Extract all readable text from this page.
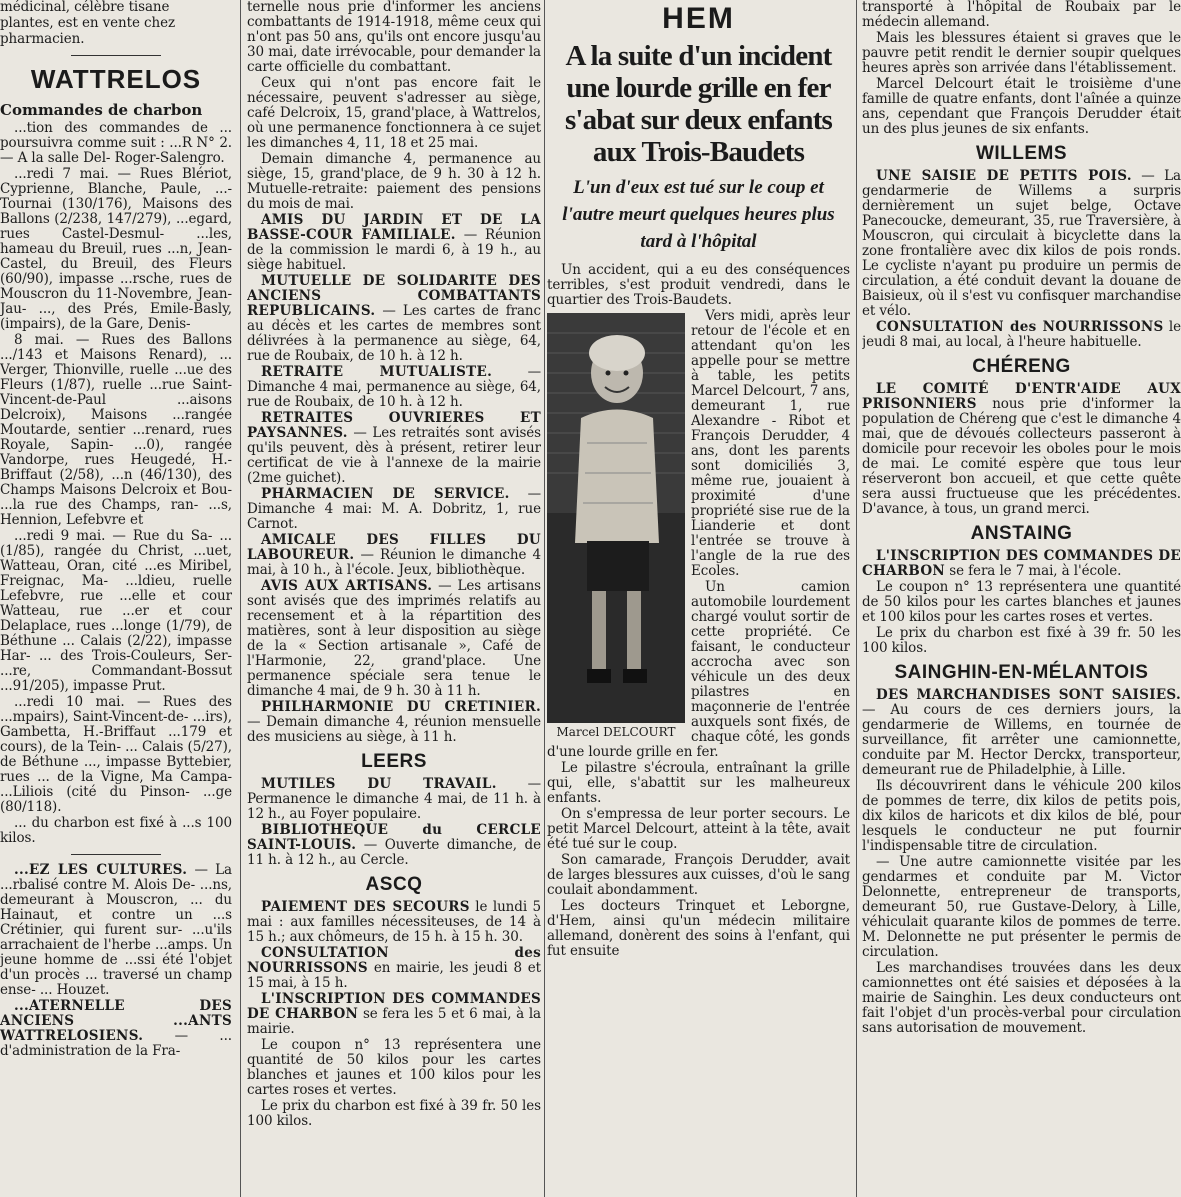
médicinal, célèbre tisane

plantes, est en vente chez

pharmacien.

WATTRELOS

Commandes de charbon

...tion des commandes de ... poursuivra comme suit : ...R N° 2. — A la salle Del- Roger-Salengro.

...redi 7 mai. — Rues Blériot, Cyprienne, Blanche, Paule, ...-Tournai (130/176), Maisons des Ballons (2/238, 147/279), ...egard, rues Castel-Desmul- ...les, hameau du Breuil, rues ...n, Jean-Castel, du Breuil, des Fleurs (60/90), impasse ...rsche, rues de Mouscron du 11-Novembre, Jean-Jau- ..., des Prés, Emile-Basly, (impairs), de la Gare, Denis-

8 mai. — Rues des Ballons .../143 et Maisons Renard), ... Verger, Thionville, ruelle ...ue des Fleurs (1/87), ruelle ...rue Saint-Vincent-de-Paul ...aisons Delcroix), Maisons ...rangée Moutarde, sentier ...renard, rues Royale, Sapin- ...0), rangée Vandorpe, rues Heugedé, H.-Briffaut (2/58), ...n (46/130), des Champs Maisons Delcroix et Bou- ...la rue des Champs, ran- ...s, Hennion, Lefebvre et

...redi 9 mai. — Rue du Sa- ...(1/85), rangée du Christ, ...uet, Watteau, Oran, cité ...es Miribel, Freignac, Ma- ...ldieu, ruelle Lefebvre, rue ...elle et cour Watteau, rue ...er et cour Delaplace, rues ...longe (1/79), de Béthune ... Calais (2/22), impasse Har- ... des Trois-Couleurs, Ser- ...re, Commandant-Bossut ...91/205), impasse Prut.

...redi 10 mai. — Rues des ...mpairs), Saint-Vincent-de- ...irs), Gambetta, H.-Briffaut ...179 et cours), de la Tein- ... Calais (5/27), de Béthune ..., impasse Byttebier, rues ... de la Vigne, Ma Campa- ...Liliois (cité du Pinson- ...ge (80/118).

... du charbon est fixé à ...s 100 kilos.

...EZ LES CULTURES. — La ...rbalisé contre M. Alois De- ...ns, demeurant à Mouscron, ... du Hainaut, et contre un ...s Crétinier, qui furent sur- ...u'ils arrachaient de l'herbe ...amps. Un jeune homme de ...ssi été l'objet d'un procès ... traversé un champ ense- ... Houzet.

...ATERNELLE DES ANCIENS ...ANTS WATTRELOSIENS. — ... d'administration de la Fra-

ternelle nous prie d'informer les anciens combattants de 1914-1918, même ceux qui n'ont pas 50 ans, qu'ils ont encore jusqu'au 30 mai, date irrévocable, pour demander la carte officielle du combattant.

Ceux qui n'ont pas encore fait le nécessaire, peuvent s'adresser au siège, café Delcroix, 15, grand'place, à Wattrelos, où une permanence fonctionnera à ce sujet les dimanches 4, 11, 18 et 25 mai.

Demain dimanche 4, permanence au siège, 15, grand'place, de 9 h. 30 à 12 h. Mutuelle-retraite: paiement des pensions du mois de mai.

AMIS DU JARDIN ET DE LA BASSE-COUR FAMILIALE. — Réunion de la commission le mardi 6, à 19 h., au siège habituel.

MUTUELLE DE SOLIDARITE DES ANCIENS COMBATTANTS REPUBLICAINS. — Les cartes de franc au décès et les cartes de membres sont délivrées à la permanence au siège, 64, rue de Roubaix, de 10 h. à 12 h.

RETRAITE MUTUALISTE. — Dimanche 4 mai, permanence au siège, 64, rue de Roubaix, de 10 h. à 12 h.

RETRAITES OUVRIERES ET PAYSANNES. — Les retraités sont avisés qu'ils peuvent, dès à présent, retirer leur certificat de vie à l'annexe de la mairie (2me guichet).

PHARMACIEN DE SERVICE. — Dimanche 4 mai: M. A. Dobritz, 1, rue Carnot.

AMICALE DES FILLES DU LABOUREUR. — Réunion le dimanche 4 mai, à 10 h., à l'école. Jeux, bibliothèque.

AVIS AUX ARTISANS. — Les artisans sont avisés que des imprimés relatifs au recensement et à la répartition des matières, sont à leur disposition au siège de la « Section artisanale », Café de l'Harmonie, 22, grand'place. Une permanence spéciale sera tenue le dimanche 4 mai, de 9 h. 30 à 11 h.

PHILHARMONIE DU CRETINIER. — Demain dimanche 4, réunion mensuelle des musiciens au siège, à 11 h.

LEERS

MUTILES DU TRAVAIL. — Permanence le dimanche 4 mai, de 11 h. à 12 h., au Foyer populaire.

BIBLIOTHEQUE du CERCLE SAINT-LOUIS. — Ouverte dimanche, de 11 h. à 12 h., au Cercle.

ASCQ

PAIEMENT DES SECOURS le lundi 5 mai : aux familles nécessiteuses, de 14 à 15 h.; aux chômeurs, de 15 h. à 15 h. 30.

CONSULTATION des NOURRISSONS en mairie, les jeudi 8 et 15 mai, à 15 h.

L'INSCRIPTION DES COMMANDES DE CHARBON se fera les 5 et 6 mai, à la mairie.

Le coupon n° 13 représentera une quantité de 50 kilos pour les cartes blanches et jaunes et 100 kilos pour les cartes roses et vertes.

Le prix du charbon est fixé à 39 fr. 50 les 100 kilos.

HEM
A la suite d'un incident une lourde grille en fer s'abat sur deux enfants aux Trois-Baudets
L'un d'eux est tué sur le coup et l'autre meurt quelques heures plus tard à l'hôpital

Un accident, qui a eu des conséquences terribles, s'est produit vendredi, dans le quartier des Trois-Baudets.

Marcel DELCOURT

Vers midi, après leur retour de l'école et en attendant qu'on les appelle pour se mettre à table, les petits Marcel Delcourt, 7 ans, demeurant 1, rue Alexandre - Ribot et François Derudder, 4 ans, dont les parents sont domiciliés 3, même rue, jouaient à proximité d'une propriété sise rue de la Lianderie et dont l'entrée se trouve à l'angle de la rue des Ecoles.

Un camion automobile lourdement chargé voulut sortir de cette propriété. Ce faisant, le conducteur accrocha avec son véhicule un des deux pilastres en maçonnerie de l'entrée auxquels sont fixés, de chaque côté, les gonds d'une lourde grille en fer.

Le pilastre s'écroula, entraînant la grille qui, elle, s'abattit sur les malheureux enfants.

On s'empressa de leur porter secours. Le petit Marcel Delcourt, atteint à la tête, avait été tué sur le coup.

Son camarade, François Derudder, avait de larges blessures aux cuisses, d'où le sang coulait abondamment.

Les docteurs Trinquet et Leborgne, d'Hem, ainsi qu'un médecin militaire allemand, donèrent des soins à l'enfant, qui fut ensuite

transporté à l'hôpital de Roubaix par le médecin allemand.

Mais les blessures étaient si graves que le pauvre petit rendit le dernier soupir quelques heures après son arrivée dans l'établissement.

Marcel Delcourt était le troisième d'une famille de quatre enfants, dont l'aînée a quinze ans, cependant que François Derudder était un des plus jeunes de six enfants.

WILLEMS

UNE SAISIE DE PETITS POIS. — La gendarmerie de Willems a surpris dernièrement un sujet belge, Octave Panecoucke, demeurant, 35, rue Traversière, à Mouscron, qui circulait à bicyclette dans la zone frontalière avec dix kilos de pois ronds. Le cycliste n'ayant pu produire un permis de circulation, a été conduit devant la douane de Baisieux, où il s'est vu confisquer marchandise et vélo.

CONSULTATION des NOURRISSONS le jeudi 8 mai, au local, à l'heure habituelle.

CHÉRENG

LE COMITÉ D'ENTR'AIDE AUX PRISONNIERS nous prie d'informer la population de Chéreng que c'est le dimanche 4 mai, que de dévoués collecteurs passeront à domicile pour recevoir les oboles pour le mois de mai. Le comité espère que tous leur réserveront bon accueil, et que cette quête sera aussi fructueuse que les précédentes. D'avance, à tous, un grand merci.

ANSTAING

L'INSCRIPTION DES COMMANDES DE CHARBON se fera le 7 mai, à l'école.

Le coupon n° 13 représentera une quantité de 50 kilos pour les cartes blanches et jaunes et 100 kilos pour les cartes roses et vertes.

Le prix du charbon est fixé à 39 fr. 50 les 100 kilos.

SAINGHIN-EN-MÉLANTOIS

DES MARCHANDISES SONT SAISIES. — Au cours de ces derniers jours, la gendarmerie de Willems, en tournée de surveillance, fit arrêter une camionnette, conduite par M. Hector Derckx, transporteur, demeurant rue de Philadelphie, à Lille.

Ils découvrirent dans le véhicule 200 kilos de pommes de terre, dix kilos de petits pois, dix kilos de haricots et dix kilos de blé, pour lesquels le conducteur ne put fournir l'indispensable titre de circulation.

— Une autre camionnette visitée par les gendarmes et conduite par M. Victor Delonnette, entrepreneur de transports, demeurant 50, rue Gustave-Delory, à Lille, véhiculait quarante kilos de pommes de terre. M. Delonnette ne put présenter le permis de circulation.

Les marchandises trouvées dans les deux camionnettes ont été saisies et déposées à la mairie de Sainghin. Les deux conducteurs ont fait l'objet d'un procès-verbal pour circulation sans autorisation de mouvement.
